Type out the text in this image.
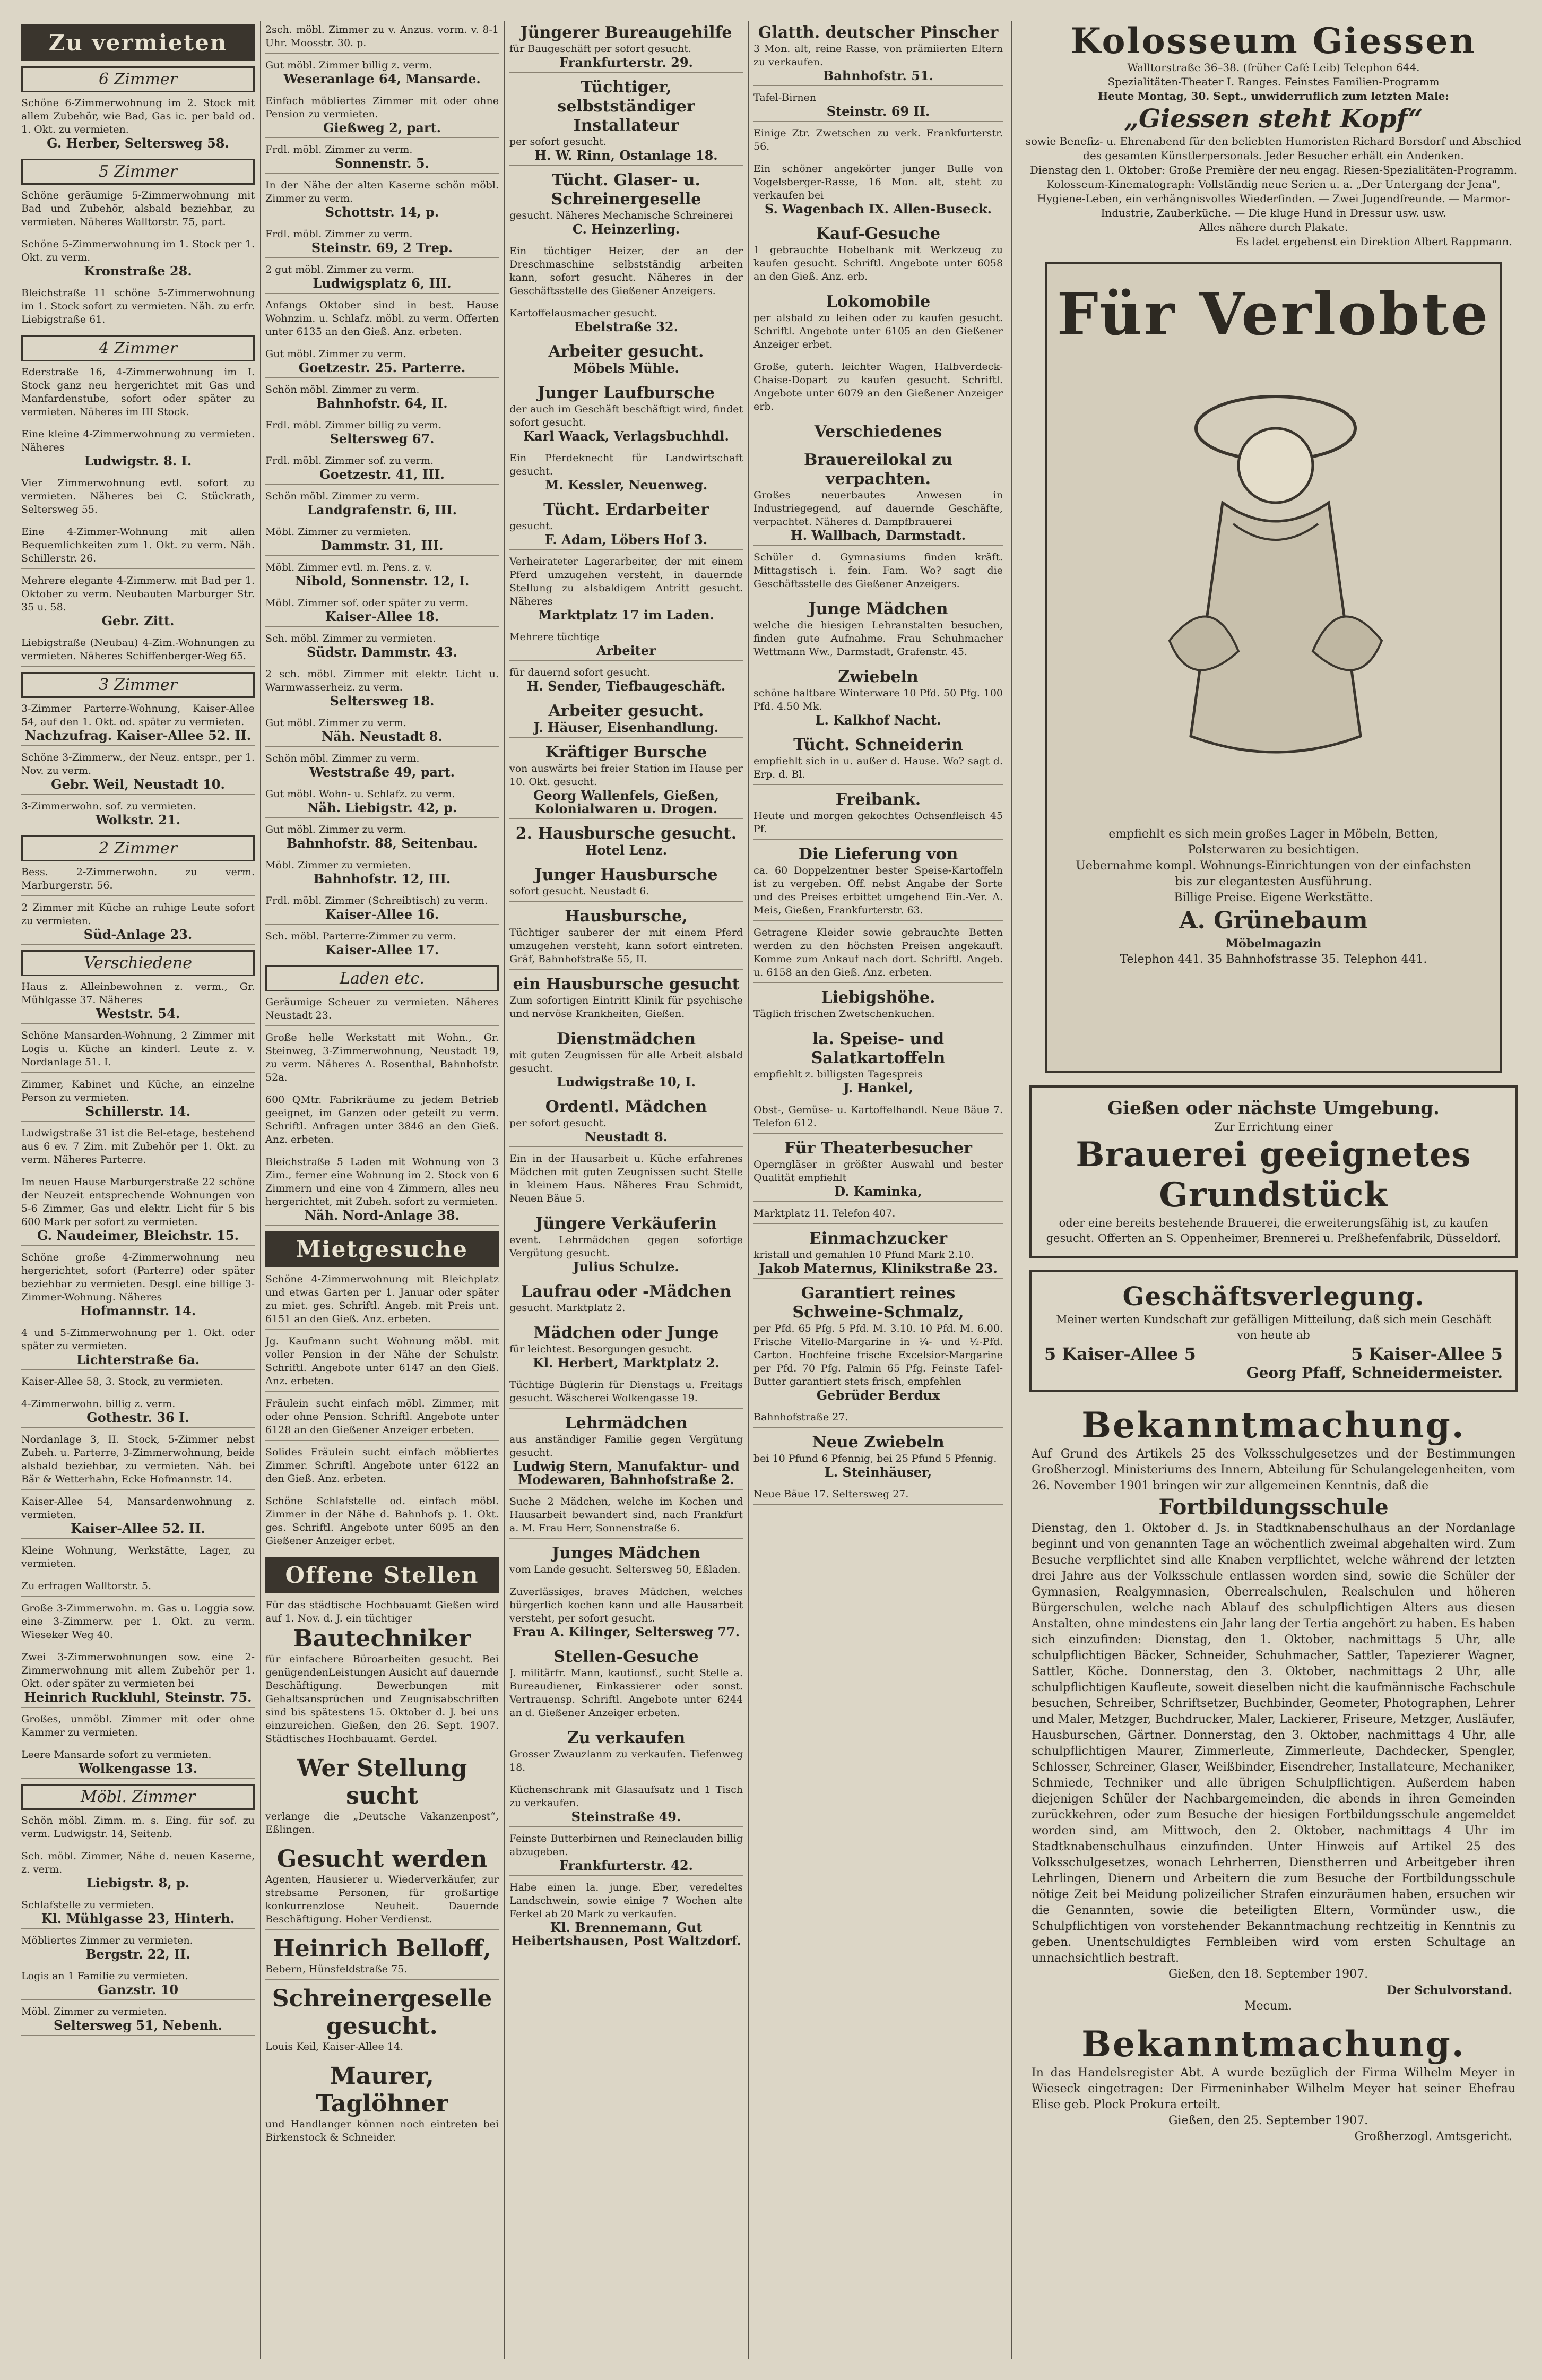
Zu vermieten
6 Zimmer
Schöne 6-Zimmerwohnung im 2. Stock mit allem Zubehör, wie Bad, Gas ic. per bald od. 1. Okt. zu vermieten.
G. Herber, Seltersweg 58.
5 Zimmer
Schöne geräumige 5-Zimmerwohnung mit Bad und Zubehör, alsbald beziehbar, zu vermieten. Näheres Walltorstr. 75, part.
Schöne 5-Zimmerwohnung im 1. Stock per 1. Okt. zu verm.
Kronstraße 28.
Bleichstraße 11 schöne 5-Zimmerwohnung im 1. Stock sofort zu vermieten. Näh. zu erfr. Liebigstraße 61.
4 Zimmer
Ederstraße 16, 4-Zimmerwohnung im I. Stock ganz neu hergerichtet mit Gas und Manfardenstube, sofort oder später zu vermieten. Näheres im III Stock.
Eine kleine 4-Zimmerwohnung zu vermieten. Näheres
Ludwigstr. 8. I.
Vier Zimmerwohnung evtl. sofort zu vermieten. Näheres bei C. Stückrath, Seltersweg 55.
Eine 4-Zimmer-Wohnung mit allen Bequemlichkeiten zum 1. Okt. zu verm. Näh. Schillerstr. 26.
Mehrere elegante 4-Zimmerw. mit Bad per 1. Oktober zu verm. Neubauten Marburger Str. 35 u. 58.
Gebr. Zitt.
Liebigstraße (Neubau) 4-Zim.-Wohnungen zu vermieten. Näheres Schiffenberger-Weg 65.
3 Zimmer
3-Zimmer Parterre-Wohnung, Kaiser-Allee 54, auf den 1. Okt. od. später zu vermieten.
Nachzufrag. Kaiser-Allee 52. II.
Schöne 3-Zimmerw., der Neuz. entspr., per 1. Nov. zu verm.
Gebr. Weil, Neustadt 10.
3-Zimmerwohn. sof. zu vermieten.
Wolkstr. 21.
2 Zimmer
Bess. 2-Zimmerwohn. zu verm. Marburgerstr. 56.
2 Zimmer mit Küche an ruhige Leute sofort zu vermieten.
Süd-Anlage 23.
Verschiedene
Haus z. Alleinbewohnen z. verm., Gr. Mühlgasse 37. Näheres
Weststr. 54.
Schöne Mansarden-Wohnung, 2 Zimmer mit Logis u. Küche an kinderl. Leute z. v. Nordanlage 51. I.
Zimmer, Kabinet und Küche, an einzelne Person zu vermieten.
Schillerstr. 14.
Ludwigstraße 31 ist die Bel-etage, bestehend aus 6 ev. 7 Zim. mit Zubehör per 1. Okt. zu verm. Näheres Parterre.
Im neuen Hause Marburgerstraße 22 schöne der Neuzeit entsprechende Wohnungen von 5-6 Zimmer, Gas und elektr. Licht für 5 bis 600 Mark per sofort zu vermieten.
G. Naudeimer, Bleichstr. 15.
Schöne große 4-Zimmerwohnung neu hergerichtet, sofort (Parterre) oder später beziehbar zu vermieten. Desgl. eine billige 3-Zimmer-Wohnung. Näheres
Hofmannstr. 14.
4 und 5-Zimmerwohnung per 1. Okt. oder später zu vermieten.
Lichterstraße 6a.
Kaiser-Allee 58, 3. Stock, zu vermieten.
4-Zimmerwohn. billig z. verm.
Gothestr. 36 I.
Nordanlage 3, II. Stock, 5-Zimmer nebst Zubeh. u. Parterre, 3-Zimmerwohnung, beide alsbald beziehbar, zu vermieten. Näh. bei Bär & Wetterhahn, Ecke Hofmannstr. 14.
Kaiser-Allee 54, Mansardenwohnung z. vermieten.
Kaiser-Allee 52. II.
Kleine Wohnung, Werkstätte, Lager, zu vermieten.
Zu erfragen Walltorstr. 5.
Große 3-Zimmerwohn. m. Gas u. Loggia sow. eine 3-Zimmerw. per 1. Okt. zu verm. Wieseker Weg 40.
Zwei 3-Zimmerwohnungen sow. eine 2-Zimmerwohnung mit allem Zubehör per 1. Okt. oder später zu vermieten bei
Heinrich Ruckluhl, Steinstr. 75.
Großes, unmöbl. Zimmer mit oder ohne Kammer zu vermieten.
Leere Mansarde sofort zu vermieten.
Wolkengasse 13.
Möbl. Zimmer
Schön möbl. Zimm. m. s. Eing. für sof. zu verm. Ludwigstr. 14, Seitenb.
Sch. möbl. Zimmer, Nähe d. neuen Kaserne, z. verm.
Liebigstr. 8, p.
Schlafstelle zu vermieten.
Kl. Mühlgasse 23, Hinterh.
Möbliertes Zimmer zu vermieten.
Bergstr. 22, II.
Logis an 1 Familie zu vermieten.
Ganzstr. 10
Möbl. Zimmer zu vermieten.
Seltersweg 51, Nebenh.
2sch. möbl. Zimmer zu v. Anzus. vorm. v. 8-1 Uhr. Moosstr. 30. p.
Gut möbl. Zimmer billig z. verm.
Weseranlage 64, Mansarde.
Einfach möbliertes Zimmer mit oder ohne Pension zu vermieten.
Gießweg 2, part.
Frdl. möbl. Zimmer zu verm.
Sonnenstr. 5.
In der Nähe der alten Kaserne schön möbl. Zimmer zu verm.
Schottstr. 14, p.
Frdl. möbl. Zimmer zu verm.
Steinstr. 69, 2 Trep.
2 gut möbl. Zimmer zu verm.
Ludwigsplatz 6, III.
Anfangs Oktober sind in best. Hause Wohnzim. u. Schlafz. möbl. zu verm. Offerten unter 6135 an den Gieß. Anz. erbeten.
Gut möbl. Zimmer zu verm.
Goetzestr. 25. Parterre.
Schön möbl. Zimmer zu verm.
Bahnhofstr. 64, II.
Frdl. möbl. Zimmer billig zu verm.
Seltersweg 67.
Frdl. möbl. Zimmer sof. zu verm.
Goetzestr. 41, III.
Schön möbl. Zimmer zu verm.
Landgrafenstr. 6, III.
Möbl. Zimmer zu vermieten.
Dammstr. 31, III.
Möbl. Zimmer evtl. m. Pens. z. v.
Nibold, Sonnenstr. 12, I.
Möbl. Zimmer sof. oder später zu verm.
Kaiser-Allee 18.
Sch. möbl. Zimmer zu vermieten.
Südstr. Dammstr. 43.
2 sch. möbl. Zimmer mit elektr. Licht u. Warmwasserheiz. zu verm.
Seltersweg 18.
Gut möbl. Zimmer zu verm.
Näh. Neustadt 8.
Schön möbl. Zimmer zu verm.
Weststraße 49, part.
Gut möbl. Wohn- u. Schlafz. zu verm.
Näh. Liebigstr. 42, p.
Gut möbl. Zimmer zu verm.
Bahnhofstr. 88, Seitenbau.
Möbl. Zimmer zu vermieten.
Bahnhofstr. 12, III.
Frdl. möbl. Zimmer (Schreibtisch) zu verm.
Kaiser-Allee 16.
Sch. möbl. Parterre-Zimmer zu verm.
Kaiser-Allee 17.
Laden etc.
Geräumige Scheuer zu vermieten. Näheres Neustadt 23.
Große helle Werkstatt mit Wohn., Gr. Steinweg, 3-Zimmerwohnung, Neustadt 19, zu verm. Näheres A. Rosenthal, Bahnhofstr. 52a.
600 QMtr. Fabrikräume zu jedem Betrieb geeignet, im Ganzen oder geteilt zu verm. Schriftl. Anfragen unter 3846 an den Gieß. Anz. erbeten.
Bleichstraße 5 Laden mit Wohnung von 3 Zim., ferner eine Wohnung im 2. Stock von 6 Zimmern und eine von 4 Zimmern, alles neu hergerichtet, mit Zubeh. sofort zu vermieten.
Näh. Nord-Anlage 38.
Mietgesuche
Schöne 4-Zimmerwohnung mit Bleichplatz und etwas Garten per 1. Januar oder später zu miet. ges. Schriftl. Angeb. mit Preis unt. 6151 an den Gieß. Anz. erbeten.
Jg. Kaufmann sucht Wohnung möbl. mit voller Pension in der Nähe der Schulstr. Schriftl. Angebote unter 6147 an den Gieß. Anz. erbeten.
Fräulein sucht einfach möbl. Zimmer, mit oder ohne Pension. Schriftl. Angebote unter 6128 an den Gießener Anzeiger erbeten.
Solides Fräulein sucht einfach möbliertes Zimmer. Schriftl. Angebote unter 6122 an den Gieß. Anz. erbeten.
Schöne Schlafstelle od. einfach möbl. Zimmer in der Nähe d. Bahnhofs p. 1. Okt. ges. Schriftl. Angebote unter 6095 an den Gießener Anzeiger erbet.
Offene Stellen
Für das städtische Hochbauamt Gießen wird auf 1. Nov. d. J. ein tüchtiger
Bautechniker
für einfachere Büroarbeiten gesucht. Bei genügendenLeistungen Ausicht auf dauernde Beschäftigung. Bewerbungen mit Gehaltsansprüchen und Zeugnisabschriften sind bis spätestens 15. Oktober d. J. bei uns einzureichen. Gießen, den 26. Sept. 1907. Städtisches Hochbauamt. Gerdel.
Wer Stellung sucht
verlange die „Deutsche Vakanzenpost“, Eßlingen.
Gesucht werden
Agenten, Hausierer u. Wiederverkäufer, zur strebsame Personen, für großartige konkurrenzlose Neuheit. Dauernde Beschäftigung. Hoher Verdienst.
Heinrich Belloff,
Bebern, Hünsfeldstraße 75.
Schreinergeselle gesucht.
Louis Keil, Kaiser-Allee 14.
Maurer, Taglöhner
und Handlanger können noch eintreten bei Birkenstock & Schneider.
Jüngerer Bureaugehilfe
für Baugeschäft per sofort gesucht.
Frankfurterstr. 29.
Tüchtiger, selbstständiger Installateur
per sofort gesucht.
H. W. Rinn, Ostanlage 18.
Tücht. Glaser- u. Schreinergeselle
gesucht. Näheres Mechanische Schreinerei
C. Heinzerling.
Ein tüchtiger Heizer, der an der Dreschmaschine selbstständig arbeiten kann, sofort gesucht. Näheres in der Geschäftsstelle des Gießener Anzeigers.
Kartoffelausmacher gesucht.
Ebelstraße 32.
Arbeiter gesucht.
Möbels Mühle.
Junger Laufbursche
der auch im Geschäft beschäftigt wird, findet sofort gesucht.
Karl Waack, Verlagsbuchhdl.
Ein Pferdeknecht für Landwirtschaft gesucht.
M. Kessler, Neuenweg.
Tücht. Erdarbeiter
gesucht.
F. Adam, Löbers Hof 3.
Verheirateter Lagerarbeiter, der mit einem Pferd umzugehen versteht, in dauernde Stellung zu alsbaldigem Antritt gesucht. Näheres
Marktplatz 17 im Laden.
Mehrere tüchtige
Arbeiter
für dauernd sofort gesucht.
H. Sender, Tiefbaugeschäft.
Arbeiter gesucht.
J. Häuser, Eisenhandlung.
Kräftiger Bursche
von auswärts bei freier Station im Hause per 10. Okt. gesucht.
Georg Wallenfels, Gießen, Kolonialwaren u. Drogen.
2. Hausbursche gesucht.
Hotel Lenz.
Junger Hausbursche
sofort gesucht. Neustadt 6.
Hausbursche,
Tüchtiger sauberer der mit einem Pferd umzugehen versteht, kann sofort eintreten. Gräf, Bahnhofstraße 55, II.
ein Hausbursche gesucht
Zum sofortigen Eintritt Klinik für psychische und nervöse Krankheiten, Gießen.
Dienstmädchen
mit guten Zeugnissen für alle Arbeit alsbald gesucht.
Ludwigstraße 10, I.
Ordentl. Mädchen
per sofort gesucht.
Neustadt 8.
Ein in der Hausarbeit u. Küche erfahrenes Mädchen mit guten Zeugnissen sucht Stelle in kleinem Haus. Näheres Frau Schmidt, Neuen Bäue 5.
Jüngere Verkäuferin
event. Lehrmädchen gegen sofortige Vergütung gesucht.
Julius Schulze.
Laufrau oder -Mädchen
gesucht. Marktplatz 2.
Mädchen oder Junge
für leichtest. Besorgungen gesucht.
Kl. Herbert, Marktplatz 2.
Tüchtige Büglerin für Dienstags u. Freitags gesucht. Wäscherei Wolkengasse 19.
Lehrmädchen
aus anständiger Familie gegen Vergütung gesucht.
Ludwig Stern, Manufaktur- und Modewaren, Bahnhofstraße 2.
Suche 2 Mädchen, welche im Kochen und Hausarbeit bewandert sind, nach Frankfurt a. M. Frau Herr, Sonnenstraße 6.
Junges Mädchen
vom Lande gesucht. Seltersweg 50, Eßladen.
Zuverlässiges, braves Mädchen, welches bürgerlich kochen kann und alle Hausarbeit versteht, per sofort gesucht.
Frau A. Kilinger, Seltersweg 77.
Stellen-Gesuche
J. militärfr. Mann, kautionsf., sucht Stelle a. Bureaudiener, Einkassierer oder sonst. Vertrauensp. Schriftl. Angebote unter 6244 an d. Gießener Anzeiger erbeten.
Zu verkaufen
Grosser Zwauzlanm zu verkaufen. Tiefenweg 18.
Küchenschrank mit Glasaufsatz und 1 Tisch zu verkaufen.
Steinstraße 49.
Feinste Butterbirnen und Reineclauden billig abzugeben.
Frankfurterstr. 42.
Habe einen la. junge. Eber, veredeltes Landschwein, sowie einige 7 Wochen alte Ferkel ab 20 Mark zu verkaufen.
Kl. Brennemann, Gut Heibertshausen, Post Waltzdorf.
Glatth. deutscher Pinscher
3 Mon. alt, reine Rasse, von prämiierten Eltern zu verkaufen.
Bahnhofstr. 51.
Tafel-Birnen
Steinstr. 69 II.
Einige Ztr. Zwetschen zu verk. Frankfurterstr. 56.
Ein schöner angekörter junger Bulle von Vogelsberger-Rasse, 16 Mon. alt, steht zu verkaufen bei
S. Wagenbach IX. Allen-Buseck.
Kauf-Gesuche
1 gebrauchte Hobelbank mit Werkzeug zu kaufen gesucht. Schriftl. Angebote unter 6058 an den Gieß. Anz. erb.
Lokomobile
per alsbald zu leihen oder zu kaufen gesucht. Schriftl. Angebote unter 6105 an den Gießener Anzeiger erbet.
Große, guterh. leichter Wagen, Halbverdeck-Chaise-Dopart zu kaufen gesucht. Schriftl. Angebote unter 6079 an den Gießener Anzeiger erb.
Verschiedenes
Brauereilokal zu verpachten.
Großes neuerbautes Anwesen in Industriegegend, auf dauernde Geschäfte, verpachtet. Näheres d. Dampfbrauerei
H. Wallbach, Darmstadt.
Schüler d. Gymnasiums finden kräft. Mittagstisch i. fein. Fam. Wo? sagt die Geschäftsstelle des Gießener Anzeigers.
Junge Mädchen
welche die hiesigen Lehranstalten besuchen, finden gute Aufnahme. Frau Schuhmacher Wettmann Ww., Darmstadt, Grafenstr. 45.
Zwiebeln
schöne haltbare Winterware 10 Pfd. 50 Pfg. 100 Pfd. 4.50 Mk.
L. Kalkhof Nacht.
Tücht. Schneiderin
empfiehlt sich in u. außer d. Hause. Wo? sagt d. Erp. d. Bl.
Freibank.
Heute und morgen gekochtes Ochsenfleisch 45 Pf.
Die Lieferung von
ca. 60 Doppelzentner bester Speise-Kartoffeln ist zu vergeben. Off. nebst Angabe der Sorte und des Preises erbittet umgehend Ein.-Ver. A. Meis, Gießen, Frankfurterstr. 63.
Getragene Kleider sowie gebrauchte Betten werden zu den höchsten Preisen angekauft. Komme zum Ankauf nach dort. Schriftl. Angeb. u. 6158 an den Gieß. Anz. erbeten.
Liebigshöhe.
Täglich frischen Zwetschenkuchen.
la. Speise- und Salatkartoffeln
empfiehlt z. billigsten Tagespreis
J. Hankel,
Obst-, Gemüse- u. Kartoffelhandl. Neue Bäue 7. Telefon 612.
Für Theaterbesucher
Operngläser in größter Auswahl und bester Qualität empfiehlt
D. Kaminka,
Marktplatz 11. Telefon 407.
Einmachzucker
kristall und gemahlen 10 Pfund Mark 2.10.
Jakob Maternus, Klinikstraße 23.
Garantiert reines Schweine-Schmalz,
per Pfd. 65 Pfg. 5 Pfd. M. 3.10. 10 Pfd. M. 6.00. Frische Vitello-Margarine in ¼- und ½-Pfd. Carton. Hochfeine frische Excelsior-Margarine per Pfd. 70 Pfg. Palmin 65 Pfg. Feinste Tafel-Butter garantiert stets frisch, empfehlen
Gebrüder Berdux
Bahnhofstraße 27.
Neue Zwiebeln
bei 10 Pfund 6 Pfennig, bei 25 Pfund 5 Pfennig.
L. Steinhäuser,
Neue Bäue 17. Seltersweg 27.
Kolosseum Giessen
Walltorstraße 36–38. (früher Café Leib) Telephon 644.
Spezialitäten-Theater I. Ranges. Feinstes Familien-Programm
Heute Montag, 30. Sept., unwiderruflich zum letzten Male:
„Giessen steht Kopf“
sowie Benefiz- u. Ehrenabend für den beliebten Humoristen Richard Borsdorf und Abschied des gesamten Künstlerpersonals. Jeder Besucher erhält ein Andenken.
Dienstag den 1. Oktober: Große Première der neu engag. Riesen-Spezialitäten-Programm. Kolosseum-Kinematograph: Vollständig neue Serien u. a. „Der Untergang der Jena“, Hygiene-Leben, ein verhängnisvolles Wiederfinden. — Zwei Jugendfreunde. — Marmor-Industrie, Zauberküche. — Die kluge Hund in Dressur usw. usw.
Alles nähere durch Plakate.
Es ladet ergebenst ein Direktion Albert Rappmann.
Für Verlobte
empfiehlt es sich mein großes Lager in Möbeln, Betten, Polsterwaren zu besichtigen.
Uebernahme kompl. Wohnungs-Einrichtungen von der einfachsten bis zur elegantesten Ausführung.
Billige Preise. Eigene Werkstätte.
A. Grünebaum
Möbelmagazin
Telephon 441. 35 Bahnhofstrasse 35. Telephon 441.
Gießen oder nächste Umgebung.
Zur Errichtung einer
Brauerei geeignetes Grundstück
oder eine bereits bestehende Brauerei, die erweiterungsfähig ist, zu kaufen gesucht. Offerten an S. Oppenheimer, Brennerei u. Preßhefenfabrik, Düsseldorf.
Geschäftsverlegung.
Meiner werten Kundschaft zur gefälligen Mitteilung, daß sich mein Geschäft von heute ab
5 Kaiser-Allee 5	5 Kaiser-Allee 5
Georg Pfaff, Schneidermeister.
Bekanntmachung.
Auf Grund des Artikels 25 des Volksschulgesetzes und der Bestimmungen Großherzogl. Ministeriums des Innern, Abteilung für Schulangelegenheiten, vom 26. November 1901 bringen wir zur allgemeinen Kenntnis, daß die
Fortbildungsschule
Dienstag, den 1. Oktober d. Js. in Stadtknabenschulhaus an der Nordanlage beginnt und von genannten Tage an wöchentlich zweimal abgehalten wird. Zum Besuche verpflichtet sind alle Knaben verpflichtet, welche während der letzten drei Jahre aus der Volksschule entlassen worden sind, sowie die Schüler der Gymnasien, Realgymnasien, Oberrealschulen, Realschulen und höheren Bürgerschulen, welche nach Ablauf des schulpflichtigen Alters aus diesen Anstalten, ohne mindestens ein Jahr lang der Tertia angehört zu haben. Es haben sich einzufinden: Dienstag, den 1. Oktober, nachmittags 5 Uhr, alle schulpflichtigen Bäcker, Schneider, Schuhmacher, Sattler, Tapezierer Wagner, Sattler, Köche. Donnerstag, den 3. Oktober, nachmittags 2 Uhr, alle schulpflichtigen Kaufleute, soweit dieselben nicht die kaufmännische Fachschule besuchen, Schreiber, Schriftsetzer, Buchbinder, Geometer, Photographen, Lehrer und Maler, Metzger, Buchdrucker, Maler, Lackierer, Friseure, Metzger, Ausläufer, Hausburschen, Gärtner. Donnerstag, den 3. Oktober, nachmittags 4 Uhr, alle schulpflichtigen Maurer, Zimmerleute, Zimmerleute, Dachdecker, Spengler, Schlosser, Schreiner, Glaser, Weißbinder, Eisendreher, Installateure, Mechaniker, Schmiede, Techniker und alle übrigen Schulpflichtigen. Außerdem haben diejenigen Schüler der Nachbargemeinden, die abends in ihren Gemeinden zurückkehren, oder zum Besuche der hiesigen Fortbildungsschule angemeldet worden sind, am Mittwoch, den 2. Oktober, nachmittags 4 Uhr im Stadtknabenschulhaus einzufinden. Unter Hinweis auf Artikel 25 des Volksschulgesetzes, wonach Lehrherren, Dienstherren und Arbeitgeber ihren Lehrlingen, Dienern und Arbeitern die zum Besuche der Fortbildungsschule nötige Zeit bei Meidung polizeilicher Strafen einzuräumen haben, ersuchen wir die Genannten, sowie die beteiligten Eltern, Vormünder usw., die Schulpflichtigen von vorstehender Bekanntmachung rechtzeitig in Kenntnis zu geben. Unentschuldigtes Fernbleiben wird vom ersten Schultage an unnachsichtlich bestraft.
Gießen, den 18. September 1907.
Der Schulvorstand.
Mecum.
Bekanntmachung.
In das Handelsregister Abt. A wurde bezüglich der Firma Wilhelm Meyer in Wieseck eingetragen: Der Firmeninhaber Wilhelm Meyer hat seiner Ehefrau Elise geb. Plock Prokura erteilt.
Gießen, den 25. September 1907.
Großherzogl. Amtsgericht.
